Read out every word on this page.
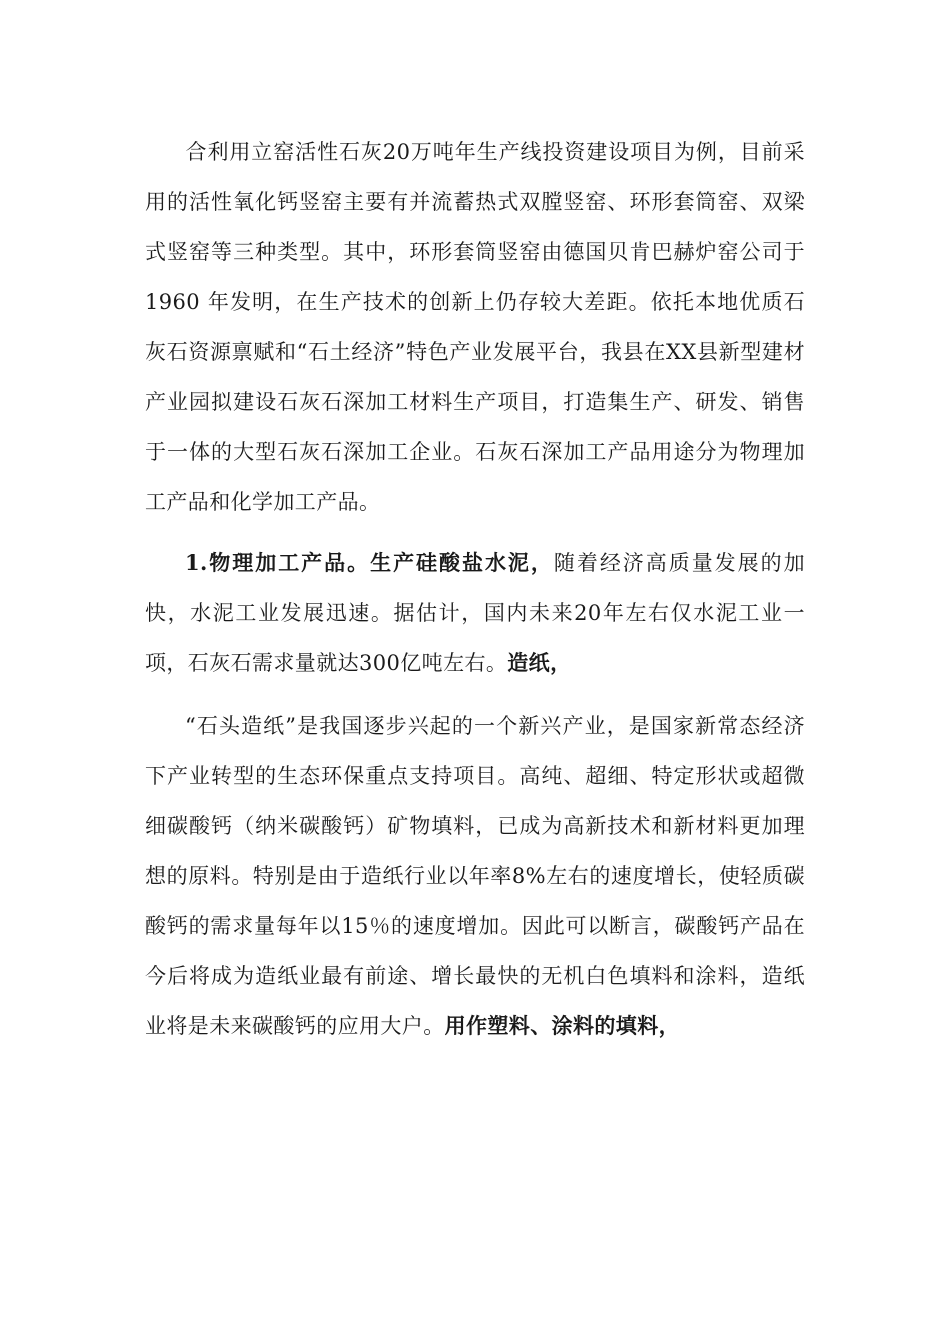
合利用立窑活性石灰20万吨年生产线投资建设项目为例，目前采用的活性氧化钙竖窑主要有并流蓄热式双膛竖窑、环形套筒窑、双梁式竖窑等三种类型。其中，环形套筒竖窑由德国贝肯巴赫炉窑公司于 1960 年发明，在生产技术的创新上仍存较大差距。依托本地优质石灰石资源禀赋和“石土经济”特色产业发展平台，我县在XX县新型建材产业园拟建设石灰石深加工材料生产项目，打造集生产、研发、销售于一体的大型石灰石深加工企业。石灰石深加工产品用途分为物理加工产品和化学加工产品。

1.物理加工产品。生产硅酸盐水泥，随着经济高质量发展的加快，水泥工业发展迅速。据估计，国内未来20年左右仅水泥工业一项，石灰石需求量就达300亿吨左右。造纸，

“石头造纸”是我国逐步兴起的一个新兴产业，是国家新常态经济下产业转型的生态环保重点支持项目。高纯、超细、特定形状或超微细碳酸钙（纳米碳酸钙）矿物填料，已成为高新技术和新材料更加理想的原料。特别是由于造纸行业以年率8%左右的速度增长，使轻质碳酸钙的需求量每年以15％的速度增加。因此可以断言，碳酸钙产品在今后将成为造纸业最有前途、增长最快的无机白色填料和涂料，造纸业将是未来碳酸钙的应用大户。用作塑料、涂料的填料，
